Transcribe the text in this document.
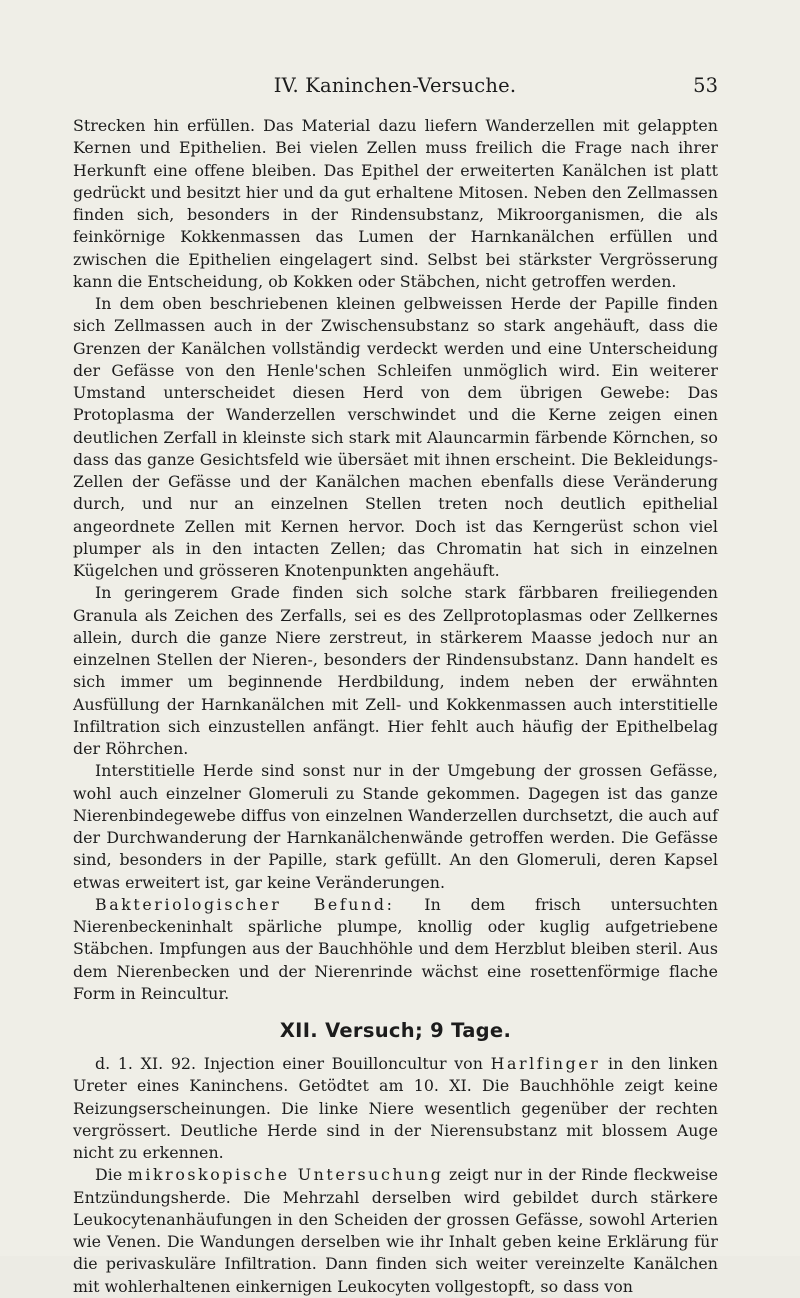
IV. Kaninchen-Versuche.	53

Strecken hin erfüllen. Das Material dazu liefern Wanderzellen mit gelappten Kernen und Epithelien. Bei vielen Zellen muss freilich die Frage nach ihrer Herkunft eine offene bleiben. Das Epithel der erweiterten Kanälchen ist platt gedrückt und besitzt hier und da gut erhaltene Mitosen. Neben den Zellmassen finden sich, besonders in der Rindensubstanz, Mikroorganismen, die als feinkörnige Kokkenmassen das Lumen der Harnkanälchen erfüllen und zwischen die Epithelien eingelagert sind. Selbst bei stärkster Vergrösserung kann die Entscheidung, ob Kokken oder Stäbchen, nicht getroffen werden.

In dem oben beschriebenen kleinen gelbweissen Herde der Papille finden sich Zellmassen auch in der Zwischensubstanz so stark angehäuft, dass die Grenzen der Kanälchen vollständig verdeckt werden und eine Unterscheidung der Gefässe von den Henle'schen Schleifen unmöglich wird. Ein weiterer Umstand unterscheidet diesen Herd von dem übrigen Gewebe: Das Protoplasma der Wanderzellen verschwindet und die Kerne zeigen einen deutlichen Zerfall in kleinste sich stark mit Alauncarmin färbende Körnchen, so dass das ganze Gesichtsfeld wie übersäet mit ihnen erscheint. Die Bekleidungs-Zellen der Gefässe und der Kanälchen machen ebenfalls diese Veränderung durch, und nur an einzelnen Stellen treten noch deutlich epithelial angeordnete Zellen mit Kernen hervor. Doch ist das Kerngerüst schon viel plumper als in den intacten Zellen; das Chromatin hat sich in einzelnen Kügelchen und grösseren Knotenpunkten angehäuft.

In geringerem Grade finden sich solche stark färbbaren freiliegenden Granula als Zeichen des Zerfalls, sei es des Zellprotoplasmas oder Zellkernes allein, durch die ganze Niere zerstreut, in stärkerem Maasse jedoch nur an einzelnen Stellen der Nieren-, besonders der Rindensubstanz. Dann handelt es sich immer um beginnende Herdbildung, indem neben der erwähnten Ausfüllung der Harnkanälchen mit Zell- und Kokkenmassen auch interstitielle Infiltration sich einzustellen anfängt. Hier fehlt auch häufig der Epithelbelag der Röhrchen.

Interstitielle Herde sind sonst nur in der Umgebung der grossen Gefässe, wohl auch einzelner Glomeruli zu Stande gekommen. Dagegen ist das ganze Nierenbindegewebe diffus von einzelnen Wanderzellen durchsetzt, die auch auf der Durchwanderung der Harnkanälchenwände getroffen werden. Die Gefässe sind, besonders in der Papille, stark gefüllt. An den Glomeruli, deren Kapsel etwas erweitert ist, gar keine Veränderungen.

Bakteriologischer Befund: In dem frisch untersuchten Nierenbeckeninhalt spärliche plumpe, knollig oder kuglig aufgetriebene Stäbchen. Impfungen aus der Bauchhöhle und dem Herzblut bleiben steril. Aus dem Nierenbecken und der Nierenrinde wächst eine rosettenförmige flache Form in Reincultur.

XII. Versuch; 9 Tage.

d. 1. XI. 92. Injection einer Bouilloncultur von Harlfinger in den linken Ureter eines Kaninchens. Getödtet am 10. XI. Die Bauchhöhle zeigt keine Reizungserscheinungen. Die linke Niere wesentlich gegenüber der rechten vergrössert. Deutliche Herde sind in der Nierensubstanz mit blossem Auge nicht zu erkennen.

Die mikroskopische Untersuchung zeigt nur in der Rinde fleckweise Entzündungsherde. Die Mehrzahl derselben wird gebildet durch stärkere Leukocytenanhäufungen in den Scheiden der grossen Gefässe, sowohl Arterien wie Venen. Die Wandungen derselben wie ihr Inhalt geben keine Erklärung für die perivaskuläre Infiltration. Dann finden sich weiter vereinzelte Kanälchen mit wohlerhaltenen einkernigen Leukocyten vollgestopft, so dass von
